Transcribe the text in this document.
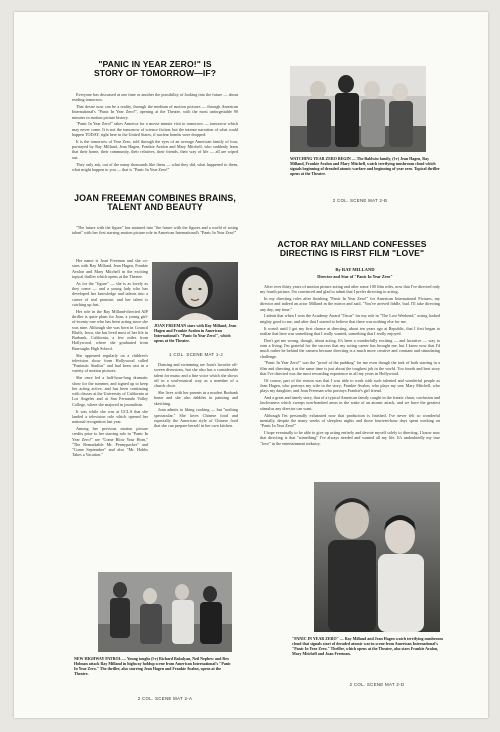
"PANIC IN YEAR ZERO!" IS STORY OF TOMORROW—IF?

Everyone has discussed at one time or another the possibility of looking into the future — about reading tomorrow.

That desire now can be a reality, through the medium of motion pictures — through American International's "Panic In Year Zero!", opening at the Theatre, with the most unforgettable 90 minutes in motion picture history.

"Panic In Year Zero!" takes America for a movie minute visit to tomorrow — tomorrow which may never come. It is not the tomorrow of science fiction, but the intense narration of what could happen TODAY, right here in the United States, if nuclear bombs were dropped.

It is the tomorrow of Year Zero, told through the eyes of an average American family of four, portrayed by Ray Milland, Jean Hagen, Frankie Avalon and Mary Mitchell, who suddenly learn that their home, their community, their relatives, their friends, their way of life — all are wiped out.

They only ask, out of the many thousands like them — what they did, what happened to them, what might happen to you — that is "Panic In Year Zero!"

JOAN FREEMAN COMBINES BRAINS, TALENT AND BEAUTY

"The future with the figure" has matured into "the future with the figures and a world of acting talent" with her first starring motion picture role in American International's "Panic In Year Zero!"

Her name is Joan Freeman and she co-stars with Ray Milland, Jean Hagen, Frankie Avalon and Mary Mitchell in the exciting topical thriller which opens at the Theatre.

As for the "figure" — she is as lovely as they come — and a young lady who has developed her knowledge and talents into a career of real promise, and her talent is catching up fast.

Her role in the Ray Milland-directed AIP thriller is quite plum for Joan, a young girl-of-twenty-one who has been acting since she was nine. Although she was born in Council Bluffs, Iowa, she has lived most of her life in Burbank, California, a few miles from Hollywood, where she graduated from Burroughs High School.

She appeared regularly on a children's television show from Hollywood called "Fantastic Studios" and had been cast in a variety of motion pictures.

She once led a half-hour-long dramatic show for the summer, and signed up to keep her acting active, and has been continuing with classes at the University of California at Los Angeles and at San Fernando Valley College, where she majored in journalism.

It was while she was at UCLA that she landed a television role which opened her national recognition last year.

Among her previous motion picture credits prior to her starring role in "Panic In Year Zero!" are "Come Blow Your Horn," "The Remarkable Mr. Pennypacker" and "Come September" and also "Mr. Hobbs Takes a Vacation."

JOAN FREEMAN stars with Ray Milland, Jean Hagen and Frankie Avalon in American International's "Panic In Year Zero!", which opens at the Theatre.
1 COL. SCENE MAT 1-J

Dancing and swimming are Joan's favorite off-screen diversions, but she also has a considerable talent for music and a fine voice which she shows off in a soul-musical way as a member of a church choir.

She lives with her parents in a modest Burbank home and she also dabbles in painting and sketching.

Joan admits to liking cooking — but "nothing spectacular." She loves Chinese food and especially the American style of Chinese food that she can prepare herself in her own kitchen.

NEW HIGHWAY PATROL — Young toughs (l-r) Richard Bakalyan, Neil Nephew and Rex Holman attack Ray Milland in highway holdup scene from American International's "Panic In Year Zero." The thriller, also starring Jean Hagen and Frankie Avalon, opens at the Theatre.
2 COL. SCENE MAT 2-A
WATCHING YEAR ZERO BEGIN — The Baldwin family, (l-r) Jean Hagen, Ray Milland, Frankie Avalon and Mary Mitchell, watch terrifying mushroom cloud which signals beginning of dreaded atomic warfare and beginning of year zero. Topical thriller opens at the Theatre.
2 COL. SCENE MAT 2-B
ACTOR RAY MILLAND CONFESSES DIRECTING IS FIRST FILM "LOVE"
By RAY MILLAND
Director and Star of "Panic In Year Zero"

After over thirty years of motion picture acting and after some 100 film roles, now that I've directed only my fourth picture, I'm convinced and glad to admit that I prefer directing to acting.

In my directing roles after finishing "Panic In Year Zero!" for American International Pictures, my director and indeed an actor Milland in the mirror and said, "You've arrived fiddle, bud. I'll take directing any day, any time."

I admit that when I won the Academy Award "Oscar" for my role in "The Lost Weekend," acting looked mighty good to me, and after that I started to believe that there was nothing else for me.

It wasn't until I got my first chance at directing, about ten years ago at Republic, that I first began to realize that here was something that I really wanted, something that I really enjoyed.

Don't get me wrong, though, about acting. It's been a wonderfully exciting — and lucrative — way to earn a living. I'm grateful for the success that my acting career has brought me, but I know now that I'd much rather be behind the camera because directing is a much more creative and constant and stimulating challenge.

"Panic In Year Zero!" was the "proof of the pudding" for me even though the task of both starring in a film and directing it at the same time is just about the toughest job in the world. Too fourth and best story that I've directed was the most rewarding experience in all my years in Hollywood.

Of course, part of the reason was that I was able to work with such talented and wonderful people as Jean Hagen, who portrays my wife in the story; Frankie Avalon, who plays my son; Mary Mitchell, who plays my daughter; and Joan Freeman who portrays Frankie's girl friend.

And a great and timely story, that of a typical American family caught in the frantic chaos, confusion and lawlessness which sweeps non-bombed areas in the wake of an atomic attack, and we have the greatest stimulus any director can want.

Although I'm personally exhausted now that production is finished, I've never felt so wonderful mentally, despite the many weeks of sleepless nights and those fourteen-hour days spent working on "Panic In Year Zero!"

I hope eventually to be able to give up acting entirely and devote myself solely to directing. I know now that directing is that "something" I've always needed and wanted all my life. It's undoubtedly my true "love" in the entertainment industry.

"PANIC IN YEAR ZERO" — Ray Milland and Jean Hagen watch terrifying mushroom cloud that signals start of dreaded atomic war in scene from American International's "Panic In Year Zero." Thriller, which opens at the Theatre, also stars Frankie Avalon, Mary Mitchell and Joan Freeman.
2 COL. SCENE MAT 2-D
